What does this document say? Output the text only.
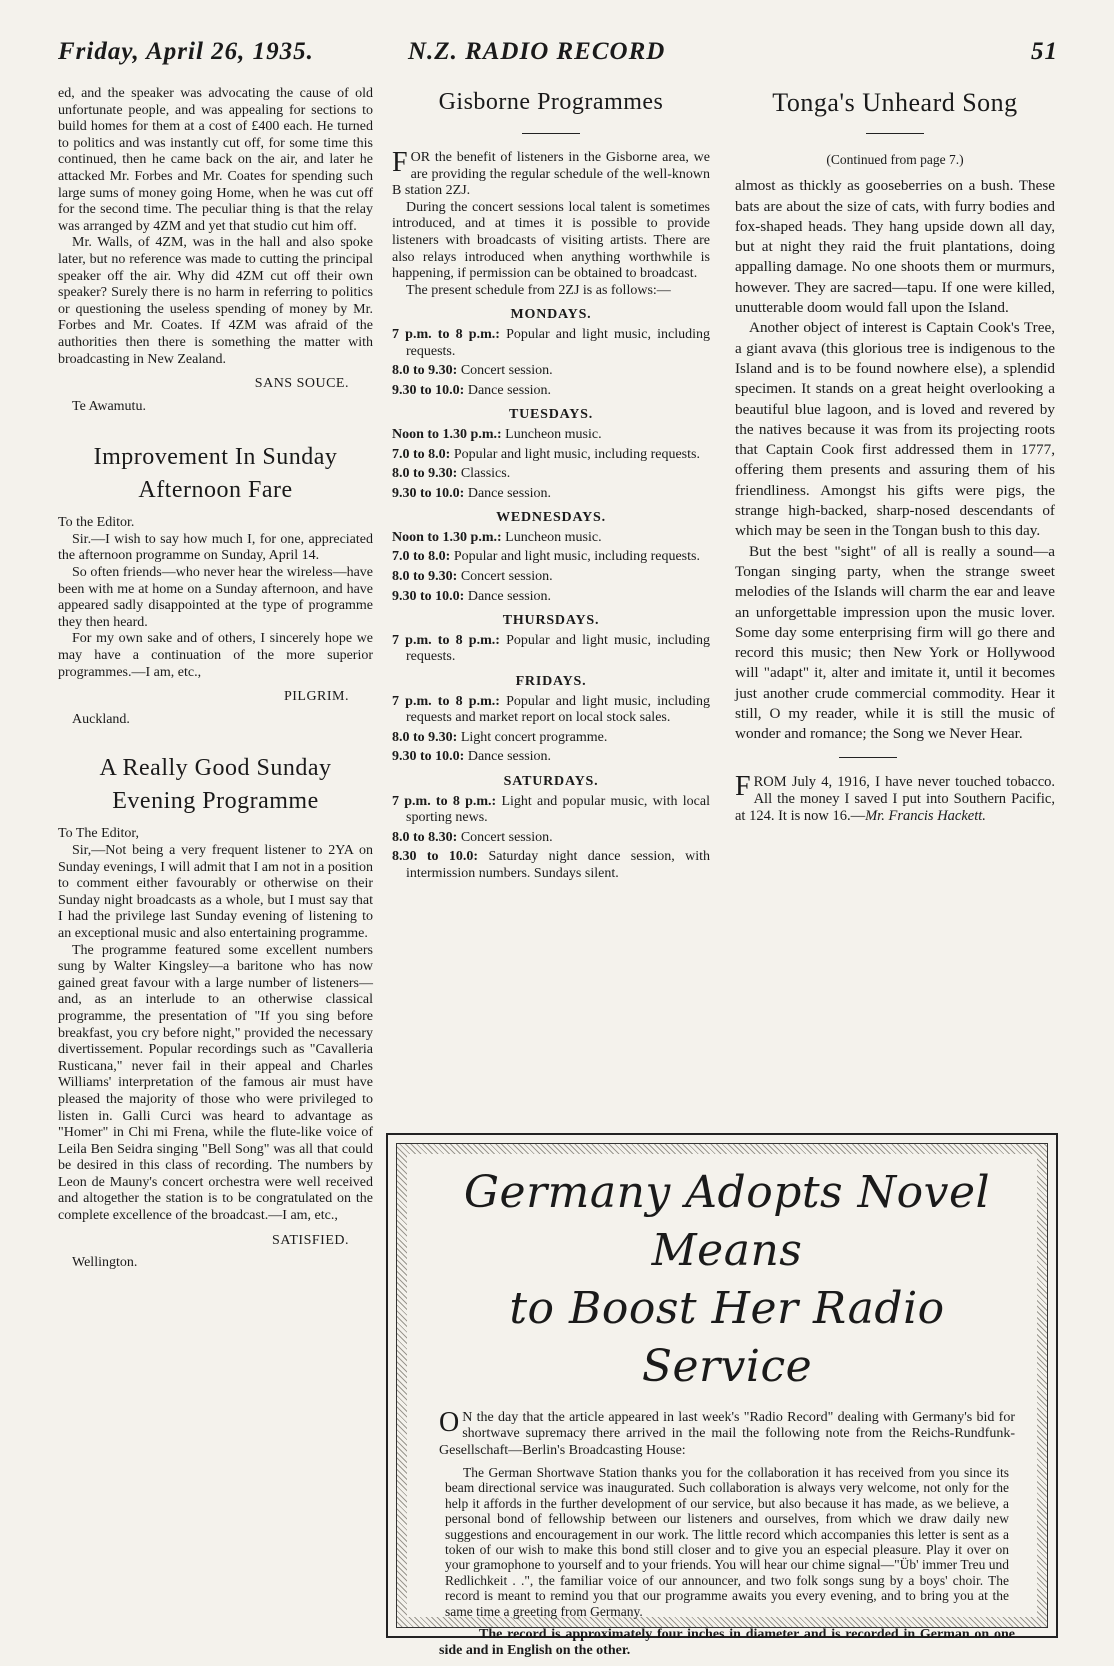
Friday, April 26, 1935.	N.Z. RADIO RECORD	51

ed, and the speaker was advocating the cause of old unfortunate people, and was appealing for sections to build homes for them at a cost of £400 each. He turned to politics and was instantly cut off, for some time this continued, then he came back on the air, and later he attacked Mr. Forbes and Mr. Coates for spending such large sums of money going Home, when he was cut off for the second time. The peculiar thing is that the relay was arranged by 4ZM and yet that studio cut him off.

Mr. Walls, of 4ZM, was in the hall and also spoke later, but no reference was made to cutting the principal speaker off the air. Why did 4ZM cut off their own speaker? Surely there is no harm in referring to politics or questioning the useless spending of money by Mr. Forbes and Mr. Coates. If 4ZM was afraid of the authorities then there is something the matter with broadcasting in New Zealand.

SANS SOUCE.

Te Awamutu.

Improvement In Sunday Afternoon Fare

To the Editor.

Sir.—I wish to say how much I, for one, appreciated the afternoon programme on Sunday, April 14.

So often friends—who never hear the wireless—have been with me at home on a Sunday afternoon, and have appeared sadly disappointed at the type of programme they then heard.

For my own sake and of others, I sincerely hope we may have a continuation of the more superior programmes.—I am, etc.,

PILGRIM.

Auckland.

A Really Good Sunday Evening Programme

To The Editor,

Sir,—Not being a very frequent listener to 2YA on Sunday evenings, I will admit that I am not in a position to comment either favourably or otherwise on their Sunday night broadcasts as a whole, but I must say that I had the privilege last Sunday evening of listening to an exceptional music and also entertaining programme.

The programme featured some excellent numbers sung by Walter Kingsley—a baritone who has now gained great favour with a large number of listeners—and, as an interlude to an otherwise classical programme, the presentation of "If you sing before breakfast, you cry before night," provided the necessary divertissement. Popular recordings such as "Cavalleria Rusticana," never fail in their appeal and Charles Williams' interpretation of the famous air must have pleased the majority of those who were privileged to listen in. Galli Curci was heard to advantage as "Homer" in Chi mi Frena, while the flute-like voice of Leila Ben Seidra singing "Bell Song" was all that could be desired in this class of recording. The numbers by Leon de Mauny's concert orchestra were well received and altogether the station is to be congratulated on the complete excellence of the broadcast.—I am, etc.,

SATISFIED.

Wellington.

Gisborne Programmes

FOR the benefit of listeners in the Gisborne area, we are providing the regular schedule of the well-known B station 2ZJ.

During the concert sessions local talent is sometimes introduced, and at times it is possible to provide listeners with broadcasts of visiting artists. There are also relays introduced when anything worthwhile is happening, if permission can be obtained to broadcast.

The present schedule from 2ZJ is as follows:—

MONDAYS.
7 p.m. to 8 p.m.: Popular and light music, including requests.
8.0 to 9.30: Concert session.
9.30 to 10.0: Dance session.
TUESDAYS.
Noon to 1.30 p.m.: Luncheon music.
7.0 to 8.0: Popular and light music, including requests.
8.0 to 9.30: Classics.
9.30 to 10.0: Dance session.
WEDNESDAYS.
Noon to 1.30 p.m.: Luncheon music.
7.0 to 8.0: Popular and light music, including requests.
8.0 to 9.30: Concert session.
9.30 to 10.0: Dance session.
THURSDAYS.
7 p.m. to 8 p.m.: Popular and light music, including requests.
FRIDAYS.
7 p.m. to 8 p.m.: Popular and light music, including requests and market report on local stock sales.
8.0 to 9.30: Light concert programme.
9.30 to 10.0: Dance session.
SATURDAYS.
7 p.m. to 8 p.m.: Light and popular music, with local sporting news.
8.0 to 8.30: Concert session.
8.30 to 10.0: Saturday night dance session, with intermission numbers. Sundays silent.
Tonga's Unheard Song

(Continued from page 7.)

almost as thickly as gooseberries on a bush. These bats are about the size of cats, with furry bodies and fox-shaped heads. They hang upside down all day, but at night they raid the fruit plantations, doing appalling damage. No one shoots them or murmurs, however. They are sacred—tapu. If one were killed, unutterable doom would fall upon the Island.

Another object of interest is Captain Cook's Tree, a giant avava (this glorious tree is indigenous to the Island and is to be found nowhere else), a splendid specimen. It stands on a great height overlooking a beautiful blue lagoon, and is loved and revered by the natives because it was from its projecting roots that Captain Cook first addressed them in 1777, offering them presents and assuring them of his friendliness. Amongst his gifts were pigs, the strange high-backed, sharp-nosed descendants of which may be seen in the Tongan bush to this day.

But the best "sight" of all is really a sound—a Tongan singing party, when the strange sweet melodies of the Islands will charm the ear and leave an unforgettable impression upon the music lover. Some day some enterprising firm will go there and record this music; then New York or Hollywood will "adapt" it, alter and imitate it, until it becomes just another crude commercial commodity. Hear it still, O my reader, while it is still the music of wonder and romance; the Song we Never Hear.

FROM July 4, 1916, I have never touched tobacco. All the money I saved I put into Southern Pacific, at 124. It is now 16.—Mr. Francis Hackett.

Germany Adopts Novel Means
to Boost Her Radio Service

O N the day that the article appeared in last week's "Radio Record" dealing with Germany's bid for shortwave supremacy there arrived in the mail the following note from the Reichs-Rundfunk-Gesellschaft—Berlin's Broadcasting House:

The German Shortwave Station thanks you for the collaboration it has received from you since its beam directional service was inaugurated. Such collaboration is always very welcome, not only for the help it affords in the further development of our service, but also because it has made, as we believe, a personal bond of fellowship between our listeners and ourselves, from which we draw daily new suggestions and encouragement in our work. The little record which accompanies this letter is sent as a token of our wish to make this bond still closer and to give you an especial pleasure. Play it over on your gramophone to yourself and to your friends. You will hear our chime signal—"Üb' immer Treu und Redlichkeit . .", the familiar voice of our announcer, and two folk songs sung by a boys' choir. The record is meant to remind you that our programme awaits you every evening, and to bring you at the same time a greeting from Germany.

The record is approximately four inches in diameter and is recorded in German on one side and in English on the other.
